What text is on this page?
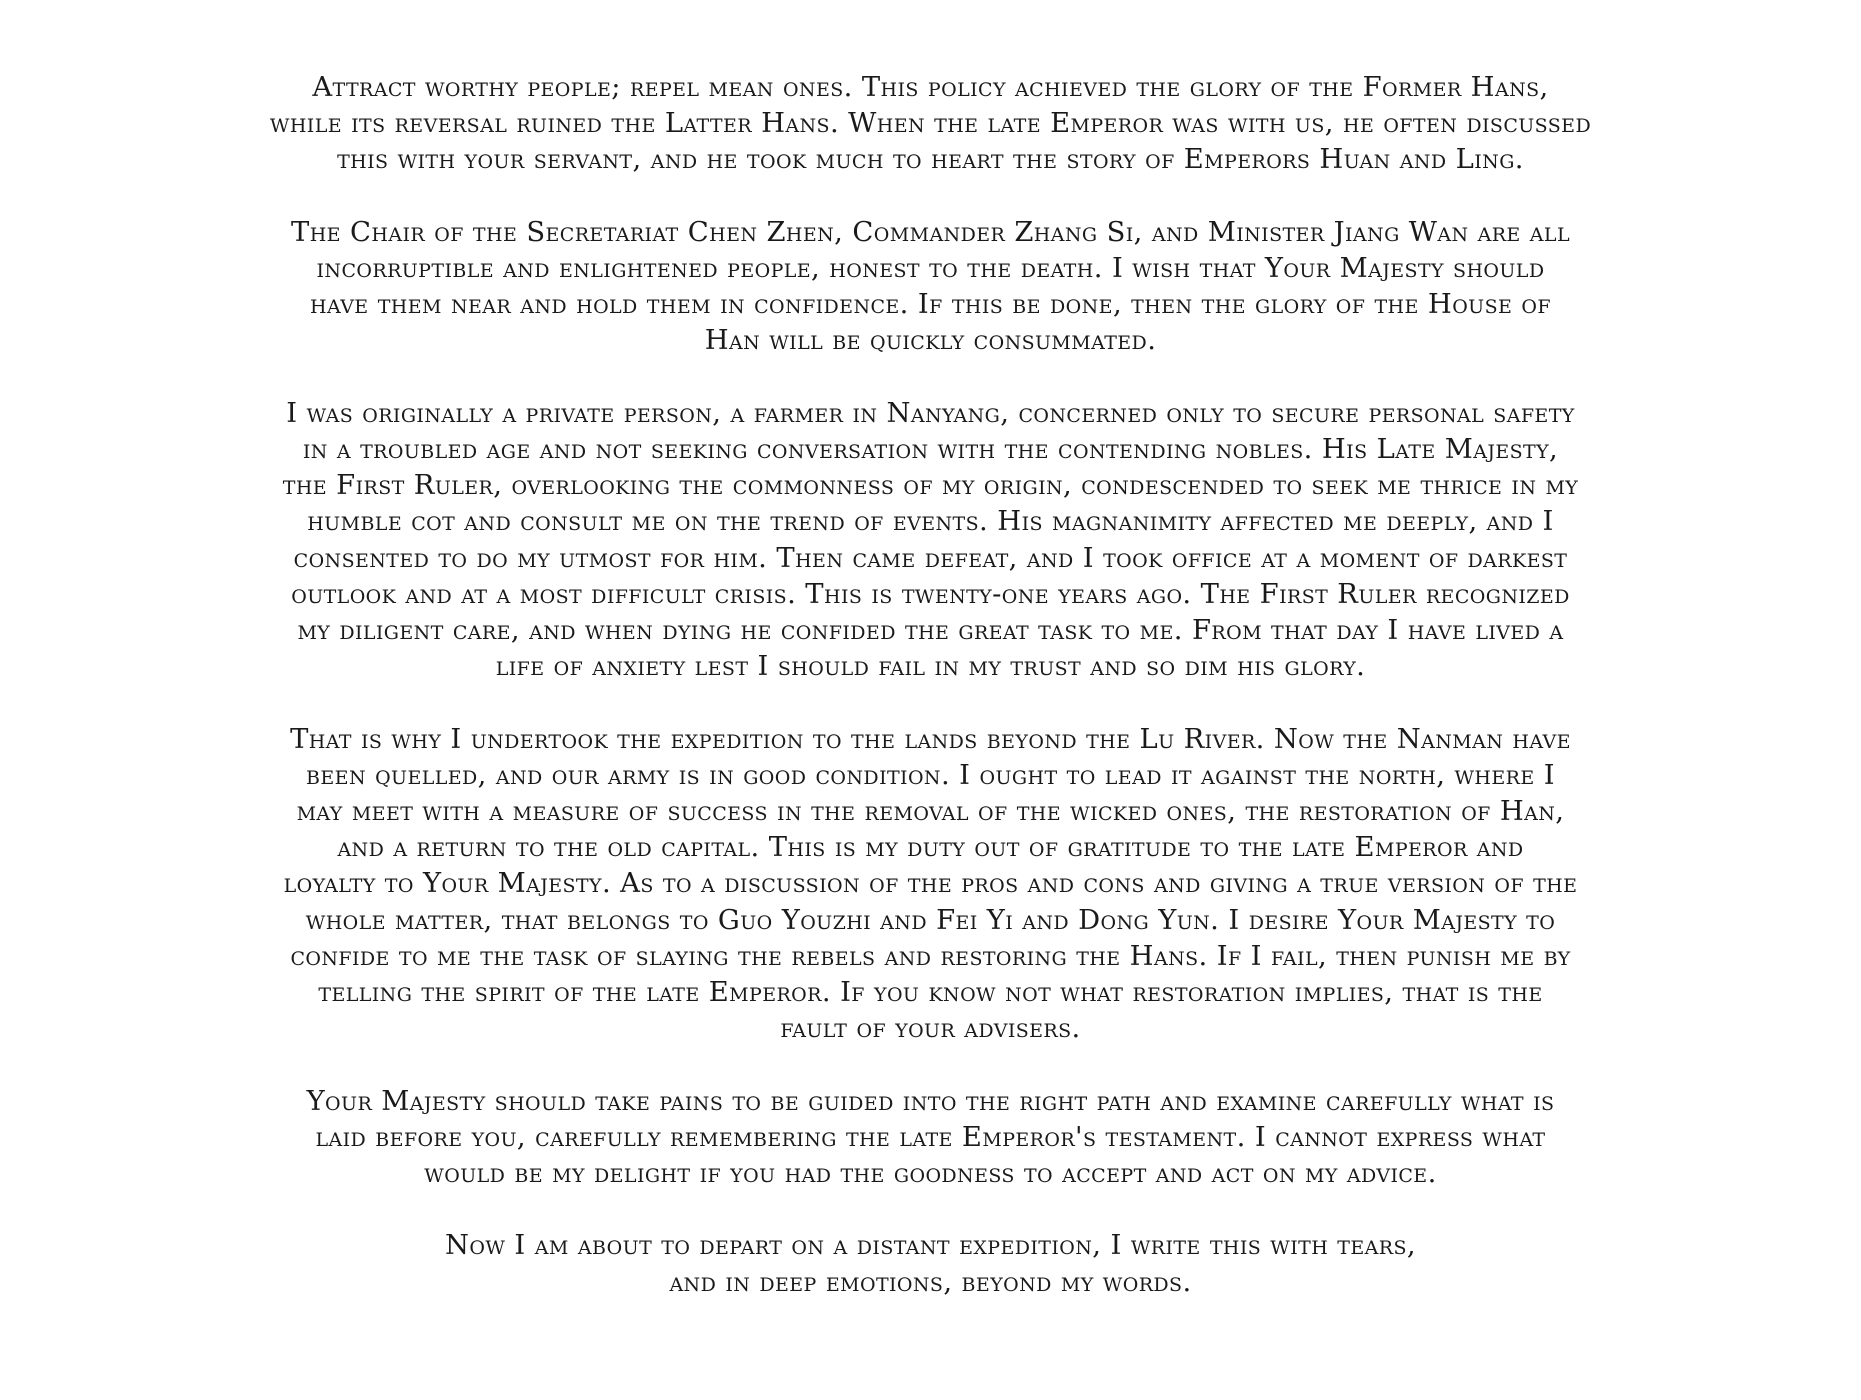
Attract worthy people; repel mean ones. This policy achieved the glory of the Former Hans,
while its reversal ruined the Latter Hans. When the late Emperor was with us, he often discussed
this with your servant, and he took much to heart the story of Emperors Huan and Ling.
The Chair of the Secretariat Chen Zhen, Commander Zhang Si, and Minister Jiang Wan are all
incorruptible and enlightened people, honest to the death. I wish that Your Majesty should
have them near and hold them in confidence. If this be done, then the glory of the House of
Han will be quickly consummated.
I was originally a private person, a farmer in Nanyang, concerned only to secure personal safety
in a troubled age and not seeking conversation with the contending nobles. His Late Majesty,
the First Ruler, overlooking the commonness of my origin, condescended to seek me thrice in my
humble cot and consult me on the trend of events. His magnanimity affected me deeply, and I
consented to do my utmost for him. Then came defeat, and I took office at a moment of darkest
outlook and at a most difficult crisis. This is twenty-one years ago. The First Ruler recognized
my diligent care, and when dying he confided the great task to me. From that day I have lived a
life of anxiety lest I should fail in my trust and so dim his glory.
That is why I undertook the expedition to the lands beyond the Lu River. Now the Nanman have
been quelled, and our army is in good condition. I ought to lead it against the north, where I
may meet with a measure of success in the removal of the wicked ones, the restoration of Han,
and a return to the old capital. This is my duty out of gratitude to the late Emperor and
loyalty to Your Majesty. As to a discussion of the pros and cons and giving a true version of the
whole matter, that belongs to Guo Youzhi and Fei Yi and Dong Yun. I desire Your Majesty to
confide to me the task of slaying the rebels and restoring the Hans. If I fail, then punish me by
telling the spirit of the late Emperor. If you know not what restoration implies, that is the
fault of your advisers.
Your Majesty should take pains to be guided into the right path and examine carefully what is
laid before you, carefully remembering the late Emperor's testament. I cannot express what
would be my delight if you had the goodness to accept and act on my advice.
Now I am about to depart on a distant expedition, I write this with tears,
and in deep emotions, beyond my words.
